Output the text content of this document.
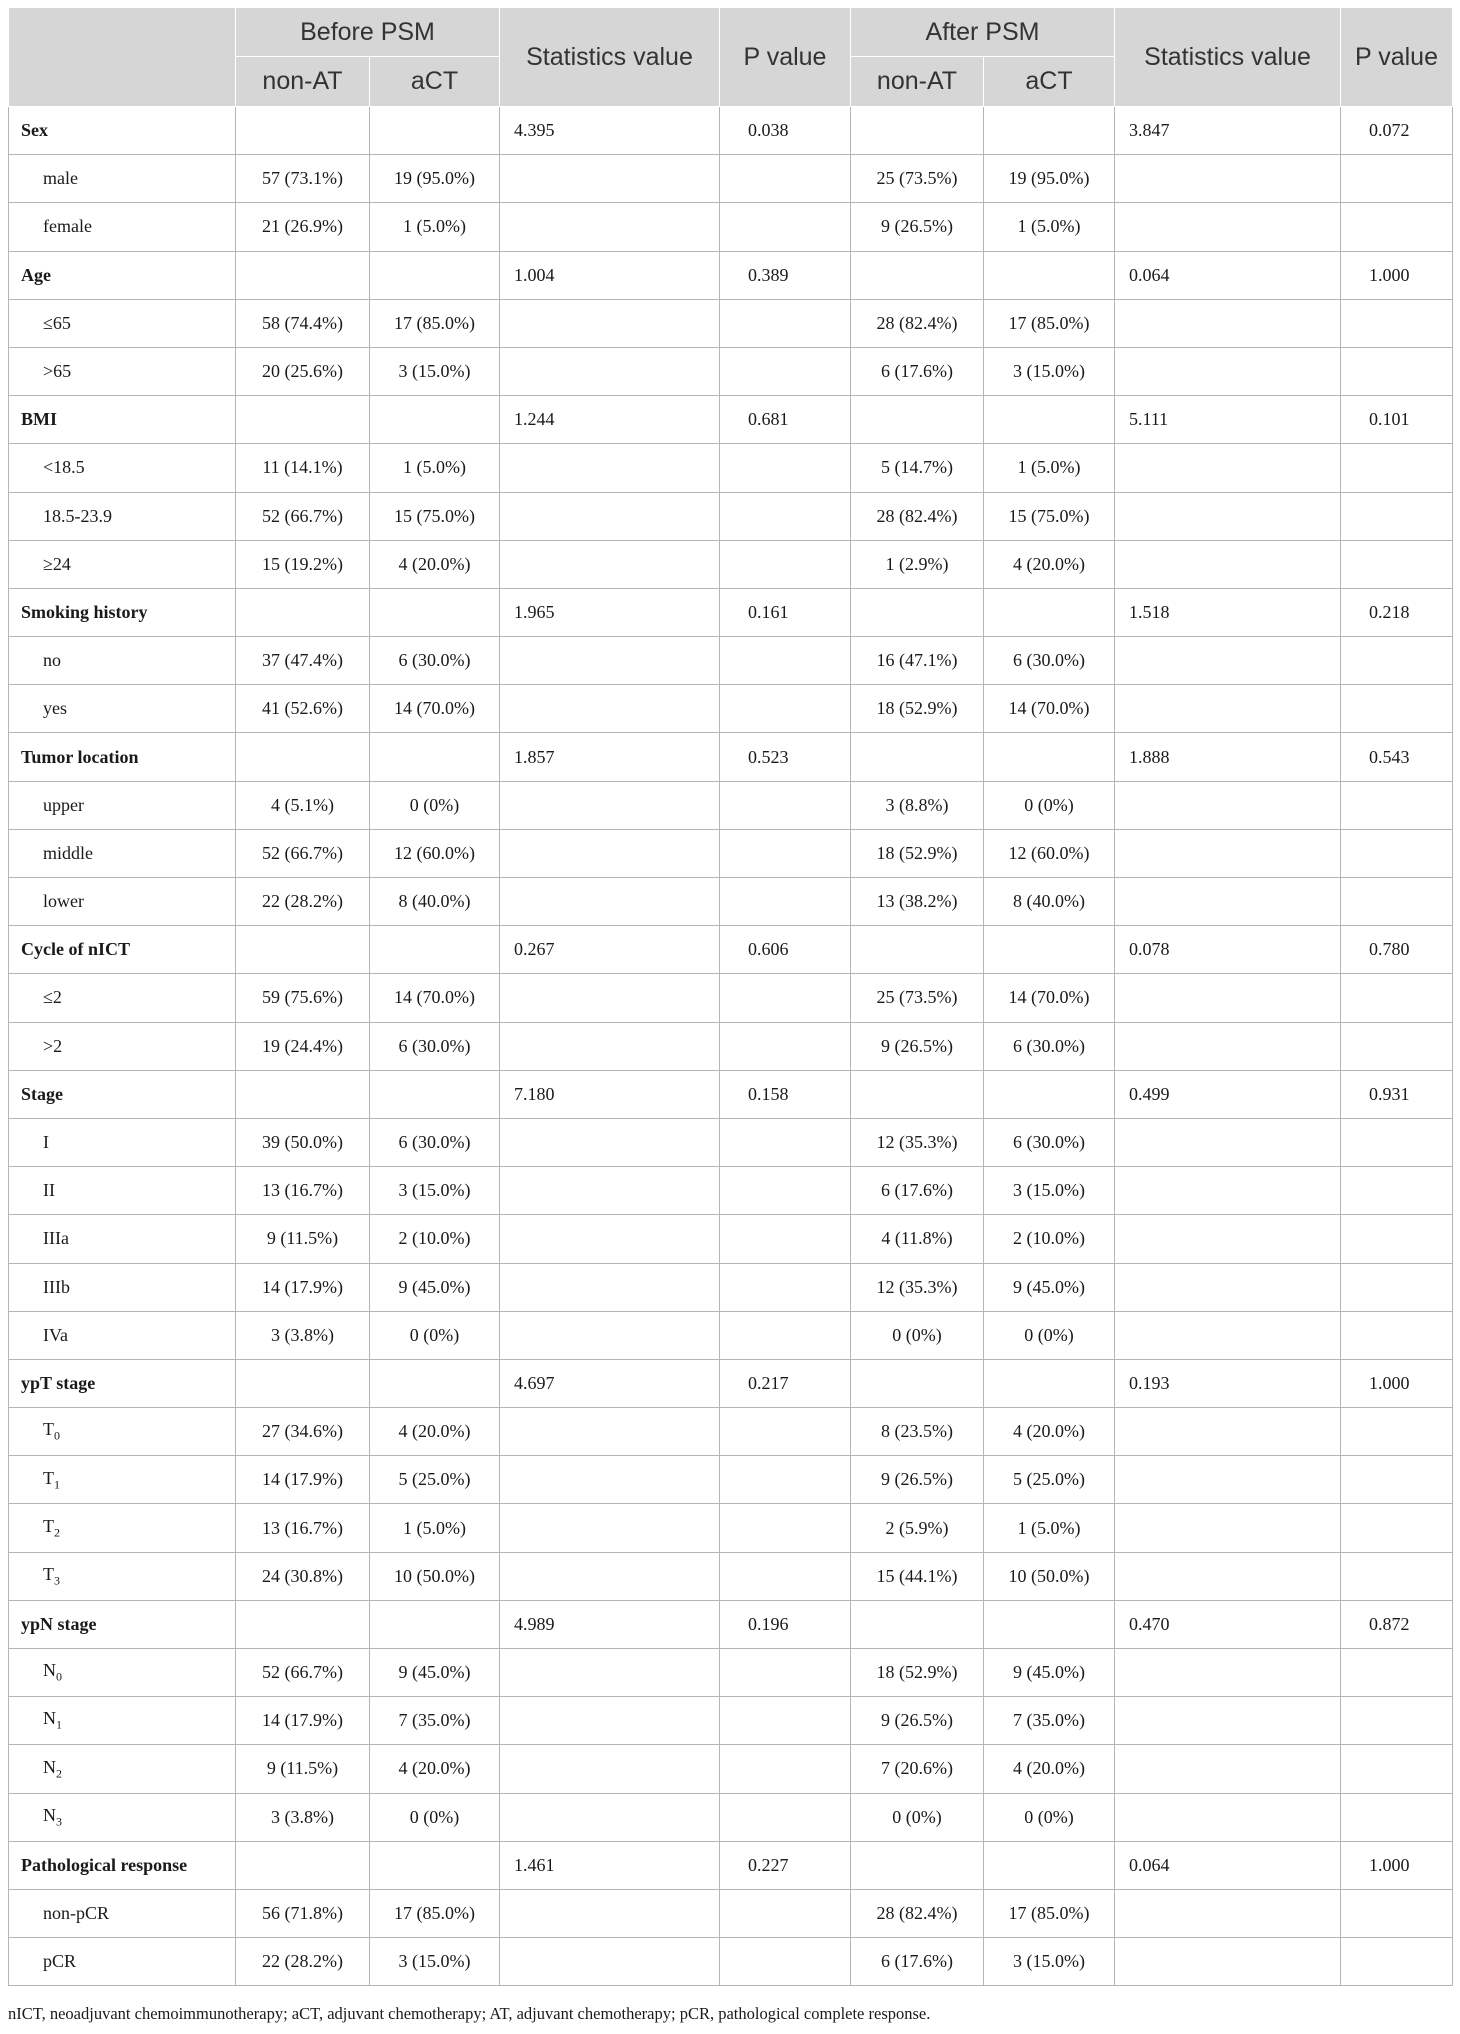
	Before PSM		Statistics value	P value	After PSM		Statistics value	P value
	non-AT	aCT			non-AT	aCT		
Sex			4.395	0.038			3.847	0.072
male	57 (73.1%)	19 (95.0%)			25 (73.5%)	19 (95.0%)		
female	21 (26.9%)	1 (5.0%)			9 (26.5%)	1 (5.0%)		
Age			1.004	0.389			0.064	1.000
≤65	58 (74.4%)	17 (85.0%)			28 (82.4%)	17 (85.0%)		
>65	20 (25.6%)	3 (15.0%)			6 (17.6%)	3 (15.0%)		
BMI			1.244	0.681			5.111	0.101
<18.5	11 (14.1%)	1 (5.0%)			5 (14.7%)	1 (5.0%)		
18.5-23.9	52 (66.7%)	15 (75.0%)			28 (82.4%)	15 (75.0%)		
≥24	15 (19.2%)	4 (20.0%)			1 (2.9%)	4 (20.0%)		
Smoking history			1.965	0.161			1.518	0.218
no	37 (47.4%)	6 (30.0%)			16 (47.1%)	6 (30.0%)		
yes	41 (52.6%)	14 (70.0%)			18 (52.9%)	14 (70.0%)		
Tumor location			1.857	0.523			1.888	0.543
upper	4 (5.1%)	0 (0%)			3 (8.8%)	0 (0%)		
middle	52 (66.7%)	12 (60.0%)			18 (52.9%)	12 (60.0%)		
lower	22 (28.2%)	8 (40.0%)			13 (38.2%)	8 (40.0%)		
Cycle of nICT			0.267	0.606			0.078	0.780
≤2	59 (75.6%)	14 (70.0%)			25 (73.5%)	14 (70.0%)		
>2	19 (24.4%)	6 (30.0%)			9 (26.5%)	6 (30.0%)		
Stage			7.180	0.158			0.499	0.931
I	39 (50.0%)	6 (30.0%)			12 (35.3%)	6 (30.0%)		
II	13 (16.7%)	3 (15.0%)			6 (17.6%)	3 (15.0%)		
IIIa	9 (11.5%)	2 (10.0%)			4 (11.8%)	2 (10.0%)		
IIIb	14 (17.9%)	9 (45.0%)			12 (35.3%)	9 (45.0%)		
IVa	3 (3.8%)	0 (0%)			0 (0%)	0 (0%)		
ypT stage			4.697	0.217			0.193	1.000
$T_0$	27 (34.6%)	4 (20.0%)			8 (23.5%)	4 (20.0%)		
$T_1$	14 (17.9%)	5 (25.0%)			9 (26.5%)	5 (25.0%)		
$T_2$	13 (16.7%)	1 (5.0%)			2 (5.9%)	1 (5.0%)		
$T_3$	24 (30.8%)	10 (50.0%)			15 (44.1%)	10 (50.0%)		
ypN stage			4.989	0.196			0.470	0.872
$N_0$	52 (66.7%)	9 (45.0%)			18 (52.9%)	9 (45.0%)		
$N_1$	14 (17.9%)	7 (35.0%)			9 (26.5%)	7 (35.0%)		
$N_2$	9 (11.5%)	4 (20.0%)			7 (20.6%)	4 (20.0%)		
$N_3$	3 (3.8%)	0 (0%)			0 (0%)	0 (0%)		
Pathological response			1.461	0.227			0.064	1.000
non-pCR	56 (71.8%)	17 (85.0%)			28 (82.4%)	17 (85.0%)		
pCR	22 (28.2%)	3 (15.0%)			6 (17.6%)	3 (15.0%)		
nICT, neoadjuvant chemoimmunotherapy; aCT, adjuvant chemotherapy; AT, adjuvant chemotherapy; pCR, pathological complete response.
